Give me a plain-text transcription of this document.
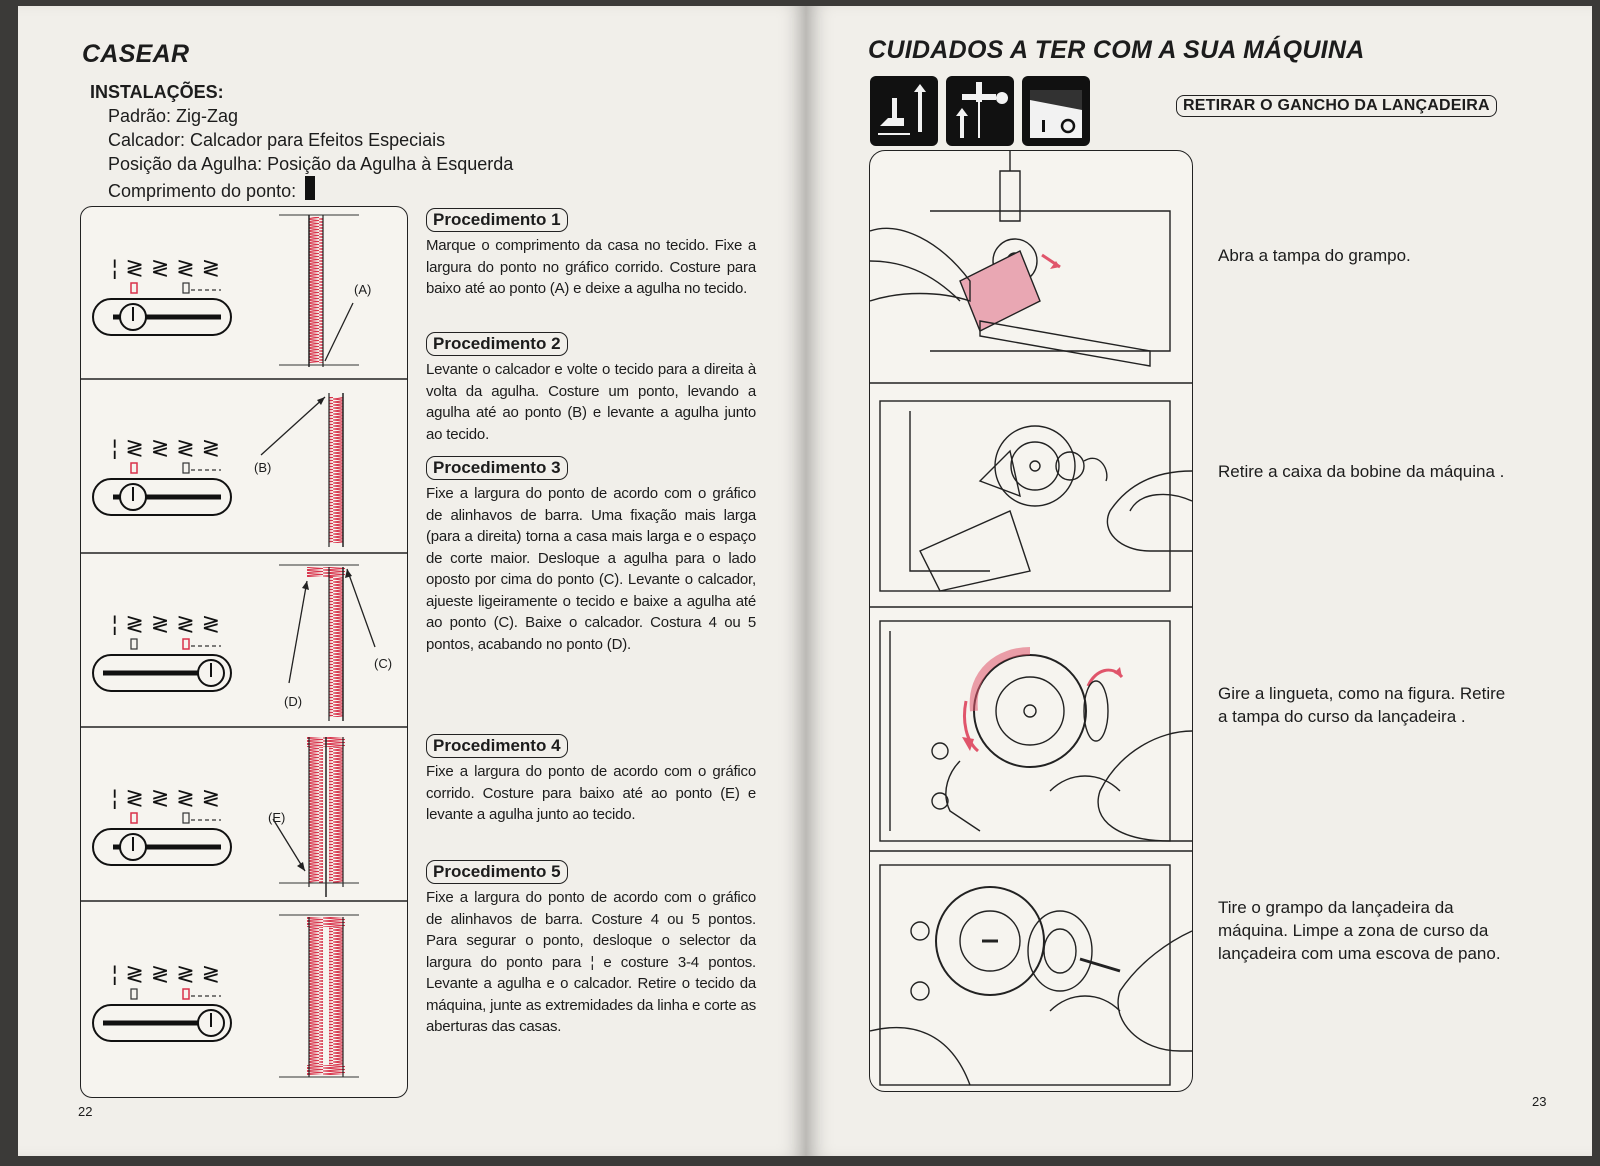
CASEAR
INSTALAÇÕES:
Padrão: Zig-Zag
Calcador: Calcador para Efeitos Especiais
Posição da Agulha: Posição da Agulha à Esquerda
Comprimento do ponto:
¦ ≷ ≷ ≷ ≷
¦ ≷ ≷ ≷ ≷
¦ ≷ ≷ ≷ ≷
¦ ≷ ≷ ≷ ≷
¦ ≷ ≷ ≷ ≷
(A)
(B)
(C)
(D)
(E)
Procedimento 1
Marque o comprimento da casa no tecido. Fixe a largura do ponto no gráfico corrido. Costure para baixo até ao ponto (A) e deixe a agulha no tecido.
Procedimento 2
Levante o calcador e volte o tecido para a direita à volta da agulha. Costure um ponto, levando a agulha até ao ponto (B) e levante a agulha junto ao tecido.
Procedimento 3
Fixe a largura do ponto de acordo com o gráfico de alinhavos de barra. Uma fixação mais larga (para a direita) torna a casa mais larga e o espaço de corte maior. Desloque a agulha para o lado oposto por cima do ponto (C). Levante o calcador, ajueste ligeiramente o tecido e baixe a agulha até ao ponto (C). Baixe o calcador. Costura 4 ou 5 pontos, acabando no ponto (D).
Procedimento 4
Fixe a largura do ponto de acordo com o gráfico corrido. Costure para baixo até ao ponto (E) e levante a agulha junto ao tecido.
Procedimento 5
Fixe a largura do ponto de acordo com o gráfico de alinhavos de barra. Costure 4 ou 5 pontos. Para segurar o ponto, desloque o selector da largura do ponto para ¦ e costure 3-4 pontos. Levante a agulha e o calcador. Retire o tecido da máquina, junte as extremidades da linha e corte as aberturas das casas.
22
CUIDADOS A TER COM A SUA MÁQUINA
RETIRAR O GANCHO DA LANÇADEIRA
Abra a tampa do grampo.
Retire a caixa da bobine da máquina .
Gire a lingueta, como na figura. Retire a tampa do curso da lançadeira .
Tire o grampo da lançadeira da máquina. Limpe a zona de curso da lançadeira com uma escova de pano.
23
